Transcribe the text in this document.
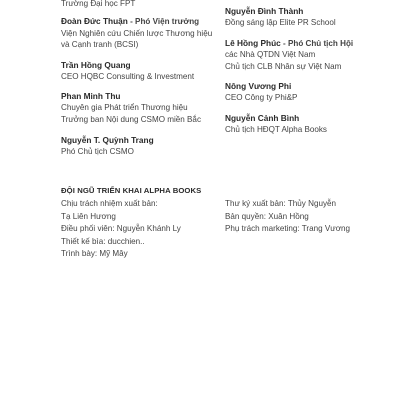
Trường Đại học FPT
Đoàn Đức Thuận - Phó Viện trưởng
Viện Nghiên cứu Chiến lược Thương hiệu
và Cạnh tranh (BCSI)
Trần Hồng Quang
CEO HQBC Consulting & Investment
Phan Minh Thu
Chuyên gia Phát triển Thương hiệu
Trưởng ban Nội dung CSMO miền Bắc
Nguyễn T. Quỳnh Trang
Phó Chủ tịch CSMO
Nguyễn Đình Thành
Đồng sáng lập Elite PR School
Lê Hồng Phúc - Phó Chủ tịch Hội
các Nhà QTDN Việt Nam
Chủ tịch CLB Nhân sự Việt Nam
Nông Vương Phi
CEO Công ty Phi&P
Nguyễn Cảnh Bình
Chủ tịch HĐQT Alpha Books
ĐỘI NGŨ TRIỂN KHAI ALPHA BOOKS
Chịu trách nhiệm xuất bản:
Tạ Liên Hương
Điều phối viên: Nguyễn Khánh Ly
Thiết kế bìa: ducchien..
Trình bày: Mỹ Mây
Thư ký xuất bản: Thủy Nguyễn
Bản quyền: Xuân Hồng
Phụ trách marketing: Trang Vương
